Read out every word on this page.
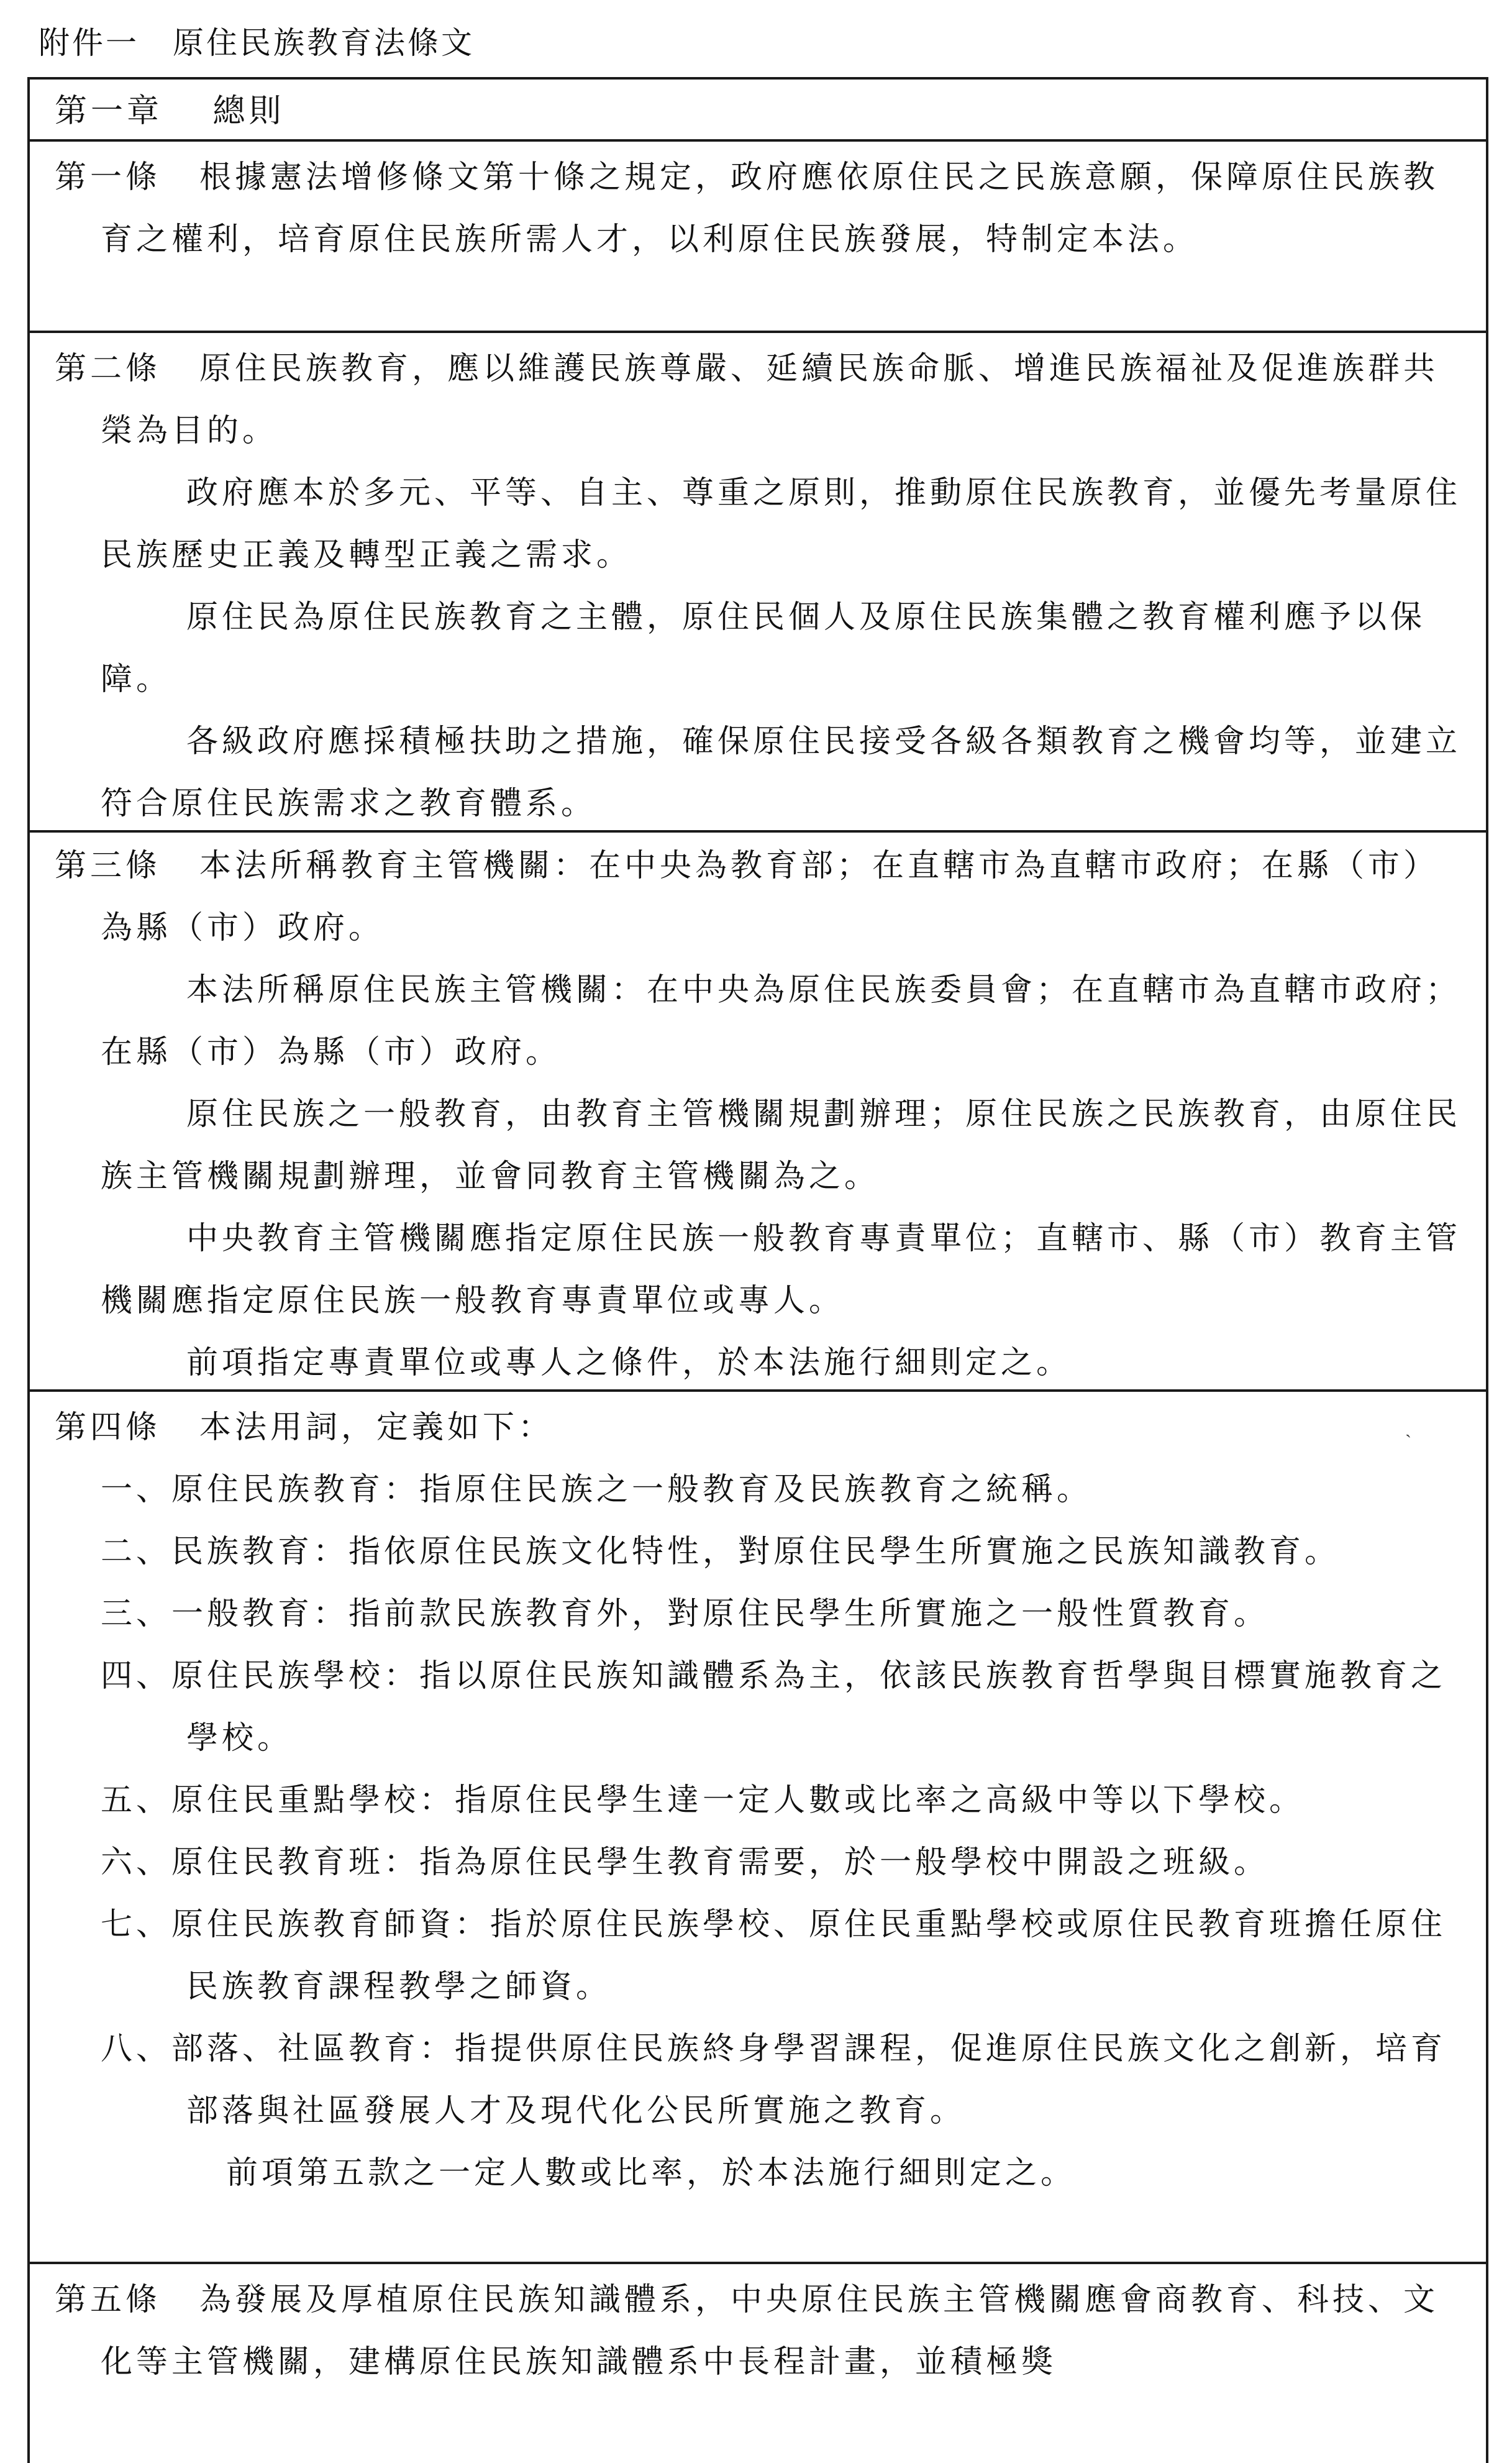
附件一　原住民族教育法條文
第一章　 總則

第一條 根據憲法增修條文第十條之規定，政府應依原住民之民族意願，保障原住民族教育之權利，培育原住民族所需人才，以利原住民族發展，特制定本法。

第二條 原住民族教育，應以維護民族尊嚴、延續民族命脈、增進民族福祉及促進族群共榮為目的。

政府應本於多元、平等、自主、尊重之原則，推動原住民族教育，並優先考量原住民族歷史正義及轉型正義之需求。

原住民為原住民族教育之主體，原住民個人及原住民族集體之教育權利應予以保障。

各級政府應採積極扶助之措施，確保原住民接受各級各類教育之機會均等，並建立符合原住民族需求之教育體系。

第三條 本法所稱教育主管機關：在中央為教育部；在直轄市為直轄市政府；在縣（市）為縣（市）政府。

本法所稱原住民族主管機關：在中央為原住民族委員會；在直轄市為直轄市政府；在縣（市）為縣（市）政府。

原住民族之一般教育，由教育主管機關規劃辦理；原住民族之民族教育，由原住民族主管機關規劃辦理，並會同教育主管機關為之。

中央教育主管機關應指定原住民族一般教育專責單位；直轄市、縣（市）教育主管機關應指定原住民族一般教育專責單位或專人。

前項指定專責單位或專人之條件，於本法施行細則定之。

ˏ

第四條 本法用詞，定義如下：

一、原住民族教育：指原住民族之一般教育及民族教育之統稱。

二、民族教育：指依原住民族文化特性，對原住民學生所實施之民族知識教育。

三、一般教育：指前款民族教育外，對原住民學生所實施之一般性質教育。

四、原住民族學校：指以原住民族知識體系為主，依該民族教育哲學與目標實施教育之學校。

五、原住民重點學校：指原住民學生達一定人數或比率之高級中等以下學校。

六、原住民教育班：指為原住民學生教育需要，於一般學校中開設之班級。

七、原住民族教育師資：指於原住民族學校、原住民重點學校或原住民教育班擔任原住民族教育課程教學之師資。

八、部落、社區教育：指提供原住民族終身學習課程，促進原住民族文化之創新，培育部落與社區發展人才及現代化公民所實施之教育。

前項第五款之一定人數或比率，於本法施行細則定之。

第五條 為發展及厚植原住民族知識體系，中央原住民族主管機關應會商教育、科技、文化等主管機關，建構原住民族知識體系中長程計畫，並積極獎
